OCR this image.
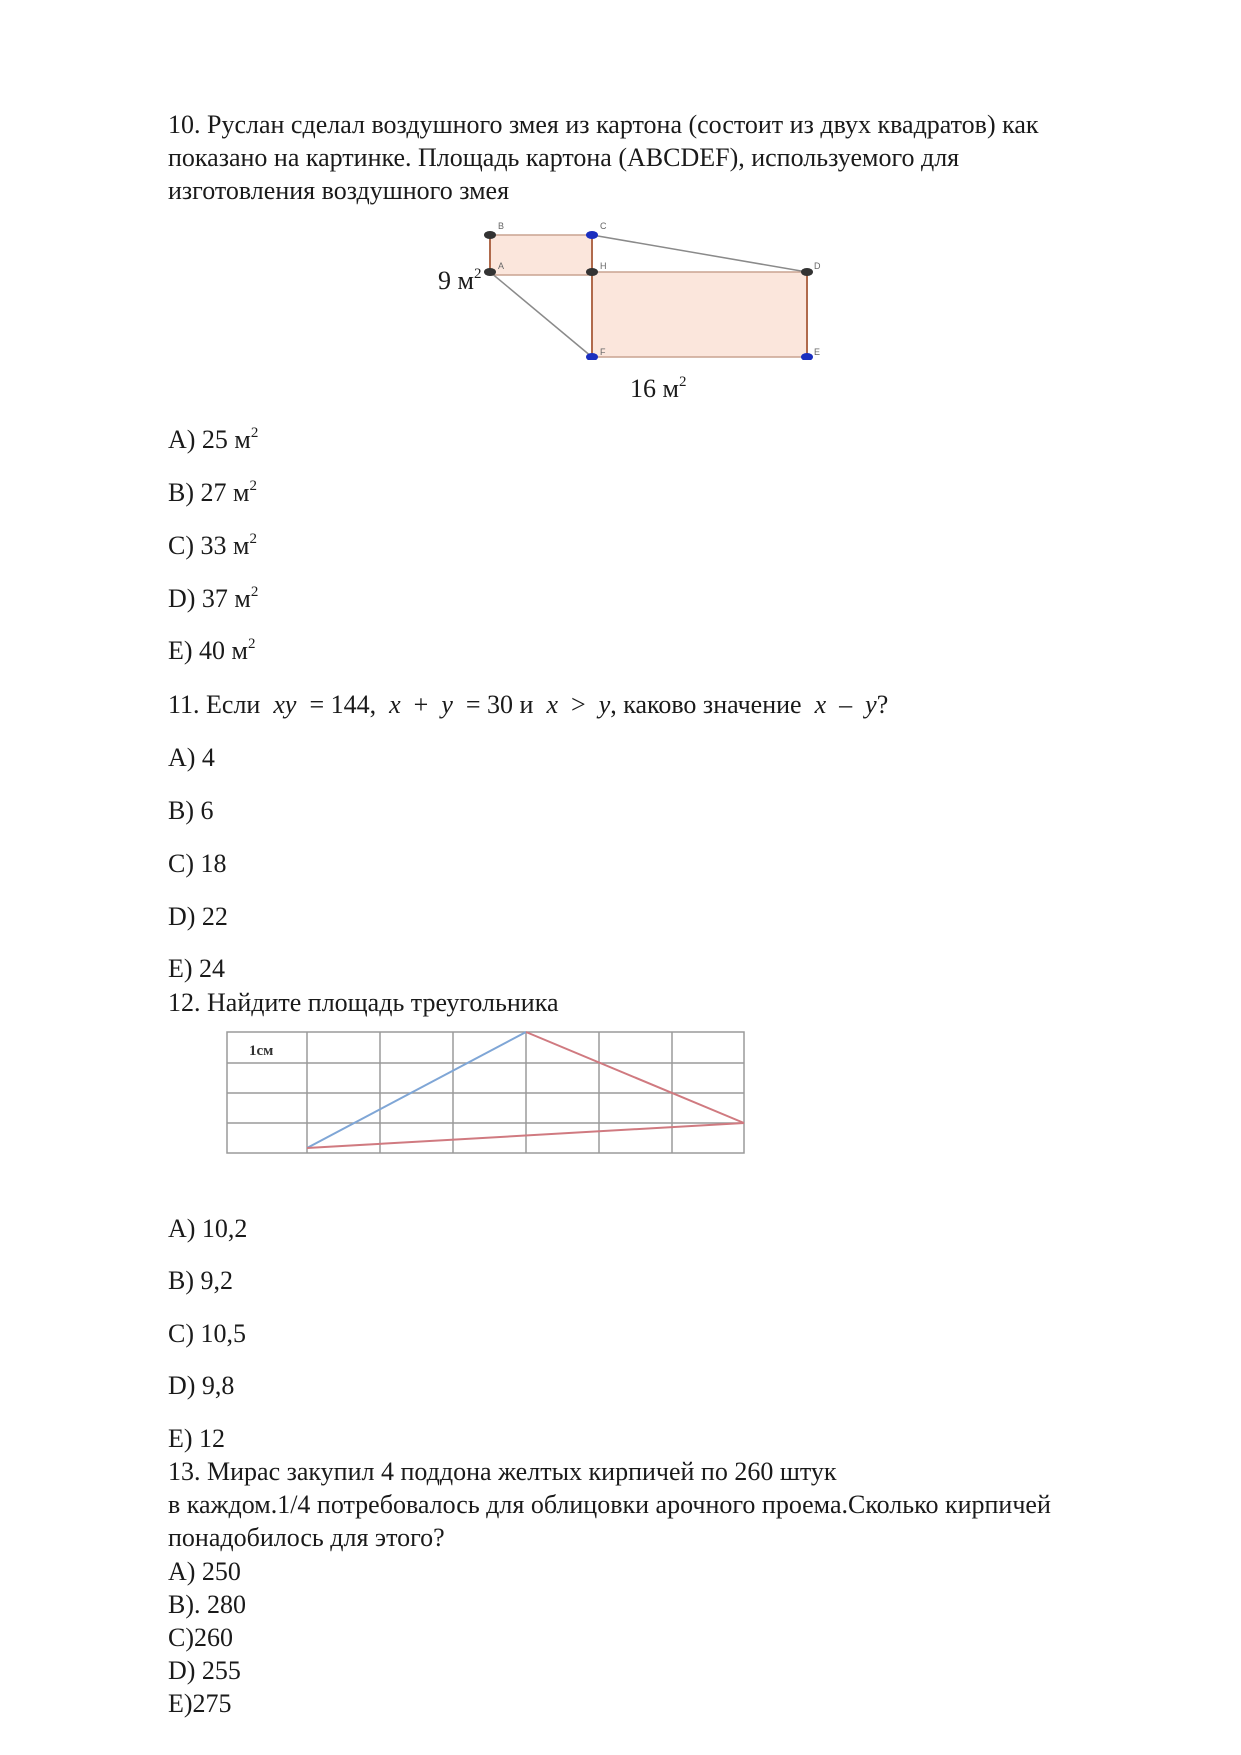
10. Руслан сделал воздушного змея из картона (состоит из двух квадратов) как
показано на картинке. Площадь картона (ABCDEF), используемого для
изготовления воздушного змея
B	C
A	H	D
F	E
9 $м^2$
16 $м^2$
A) 25 $м^2$
B) 27 $м^2$
C) 33 $м^2$
D) 37 $м^2$
E) 40 $м^2$
11. Если xy = 144, x + y = 30 и x > y, каково значение x – y?
A) 4
B) 6
C) 18
D) 22
E) 24
12. Найдите площадь треугольника
1см
A) 10,2
B) 9,2
C) 10,5
D) 9,8
E) 12
13. Мирас закупил 4 поддона желтых кирпичей по 260 штук
в каждом.1/4 потребовалось для облицовки арочного проема.Сколько кирпичей
понадобилось для этого?
A) 250
B). 280
C)260
D) 255
E)275
